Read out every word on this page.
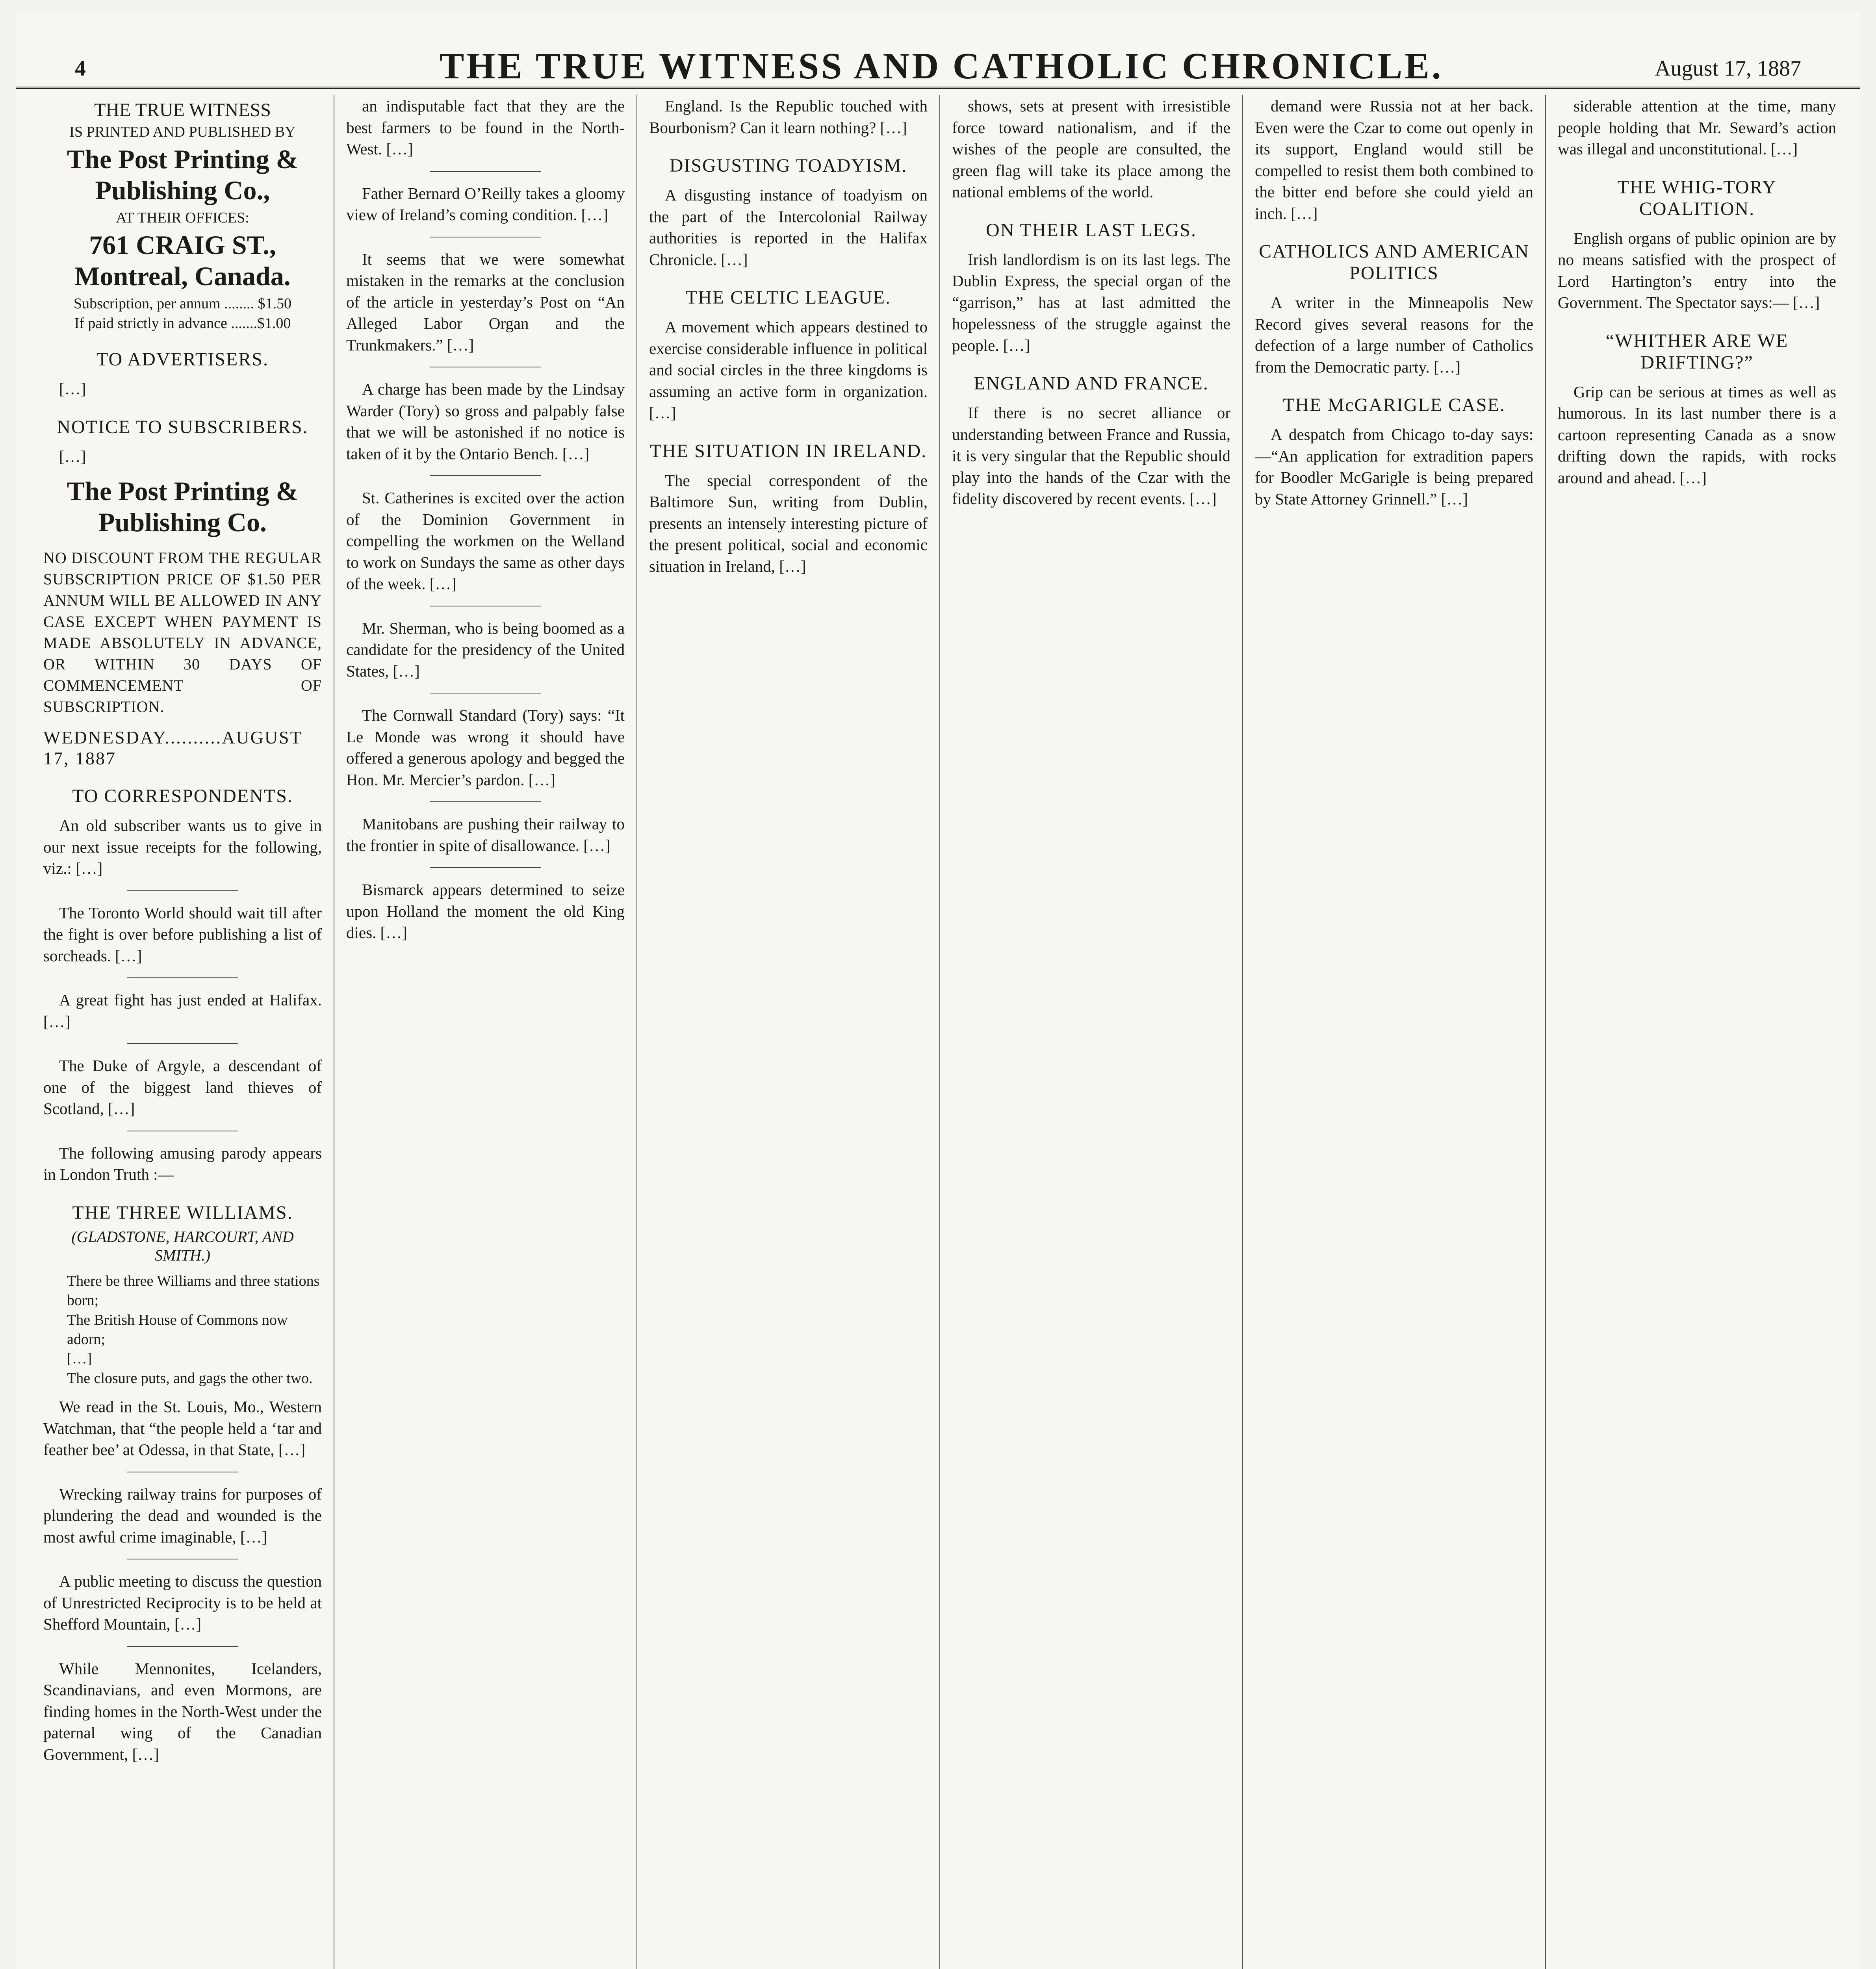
4	THE TRUE WITNESS AND CATHOLIC CHRONICLE.	August 17, 1887
THE TRUE WITNESS
IS PRINTED AND PUBLISHED BY
The Post Printing & Publishing Co.,
AT THEIR OFFICES:
761 CRAIG ST., Montreal, Canada.
Subscription, per annum ........ $1.50
If paid strictly in advance .......$1.00
TO ADVERTISERS.

[…]

NOTICE TO SUBSCRIBERS.

[…]

The Post Printing & Publishing Co.
NO DISCOUNT FROM THE REGULAR SUBSCRIPTION PRICE OF $1.50 PER ANNUM WILL BE ALLOWED IN ANY CASE EXCEPT WHEN PAYMENT IS MADE ABSOLUTELY IN ADVANCE, OR WITHIN 30 DAYS OF COMMENCEMENT OF SUBSCRIPTION.
WEDNESDAY..........AUGUST 17, 1887
TO CORRESPONDENTS.

An old subscriber wants us to give in our next issue receipts for the following, viz.: […]

The Toronto World should wait till after the fight is over before publishing a list of sorcheads. […]

A great fight has just ended at Halifax. […]

The Duke of Argyle, a descendant of one of the biggest land thieves of Scotland, […]

The following amusing parody appears in London Truth :—

THE THREE WILLIAMS.
(GLADSTONE, HARCOURT, AND SMITH.)
There be three Williams and three stations born;
The British House of Commons now adorn;
[…]
The closure puts, and gags the other two.

We read in the St. Louis, Mo., Western Watchman, that “the people held a ‘tar and feather bee’ at Odessa, in that State, […]

Wrecking railway trains for purposes of plundering the dead and wounded is the most awful crime imaginable, […]

A public meeting to discuss the question of Unrestricted Reciprocity is to be held at Shefford Mountain, […]

While Mennonites, Icelanders, Scandinavians, and even Mormons, are finding homes in the North-West under the paternal wing of the Canadian Government, […]

an indisputable fact that they are the best farmers to be found in the North-West. […]

Father Bernard O’Reilly takes a gloomy view of Ireland’s coming condition. […]

It seems that we were somewhat mistaken in the remarks at the conclusion of the article in yesterday’s Post on “An Alleged Labor Organ and the Trunkmakers.” […]

A charge has been made by the Lindsay Warder (Tory) so gross and palpably false that we will be astonished if no notice is taken of it by the Ontario Bench. […]

St. Catherines is excited over the action of the Dominion Government in compelling the workmen on the Welland to work on Sundays the same as other days of the week. […]

Mr. Sherman, who is being boomed as a candidate for the presidency of the United States, […]

The Cornwall Standard (Tory) says: “It Le Monde was wrong it should have offered a generous apology and begged the Hon. Mr. Mercier’s pardon. […]

Manitobans are pushing their railway to the frontier in spite of disallowance. […]

Bismarck appears determined to seize upon Holland the moment the old King dies. […]

England. Is the Republic touched with Bourbonism? Can it learn nothing? […]

DISGUSTING TOADYISM.

A disgusting instance of toadyism on the part of the Intercolonial Railway authorities is reported in the Halifax Chronicle. […]

THE CELTIC LEAGUE.

A movement which appears destined to exercise considerable influence in political and social circles in the three kingdoms is assuming an active form in organization. […]

THE SITUATION IN IRELAND.

The special correspondent of the Baltimore Sun, writing from Dublin, presents an intensely interesting picture of the present political, social and economic situation in Ireland, […]

shows, sets at present with irresistible force toward nationalism, and if the wishes of the people are consulted, the green flag will take its place among the national emblems of the world.

ON THEIR LAST LEGS.

Irish landlordism is on its last legs. The Dublin Express, the special organ of the “garrison,” has at last admitted the hopelessness of the struggle against the people. […]

ENGLAND AND FRANCE.

If there is no secret alliance or understanding between France and Russia, it is very singular that the Republic should play into the hands of the Czar with the fidelity discovered by recent events. […]

demand were Russia not at her back. Even were the Czar to come out openly in its support, England would still be compelled to resist them both combined to the bitter end before she could yield an inch. […]

CATHOLICS AND AMERICAN POLITICS

A writer in the Minneapolis New Record gives several reasons for the defection of a large number of Catholics from the Democratic party. […]

THE McGARIGLE CASE.

A despatch from Chicago to-day says:—“An application for extradition papers for Boodler McGarigle is being prepared by State Attorney Grinnell.” […]

siderable attention at the time, many people holding that Mr. Seward’s action was illegal and unconstitutional. […]

THE WHIG-TORY COALITION.

English organs of public opinion are by no means satisfied with the prospect of Lord Hartington’s entry into the Government. The Spectator says:— […]

“WHITHER ARE WE DRIFTING?”

Grip can be serious at times as well as humorous. In its last number there is a cartoon representing Canada as a snow drifting down the rapids, with rocks around and ahead. […]
